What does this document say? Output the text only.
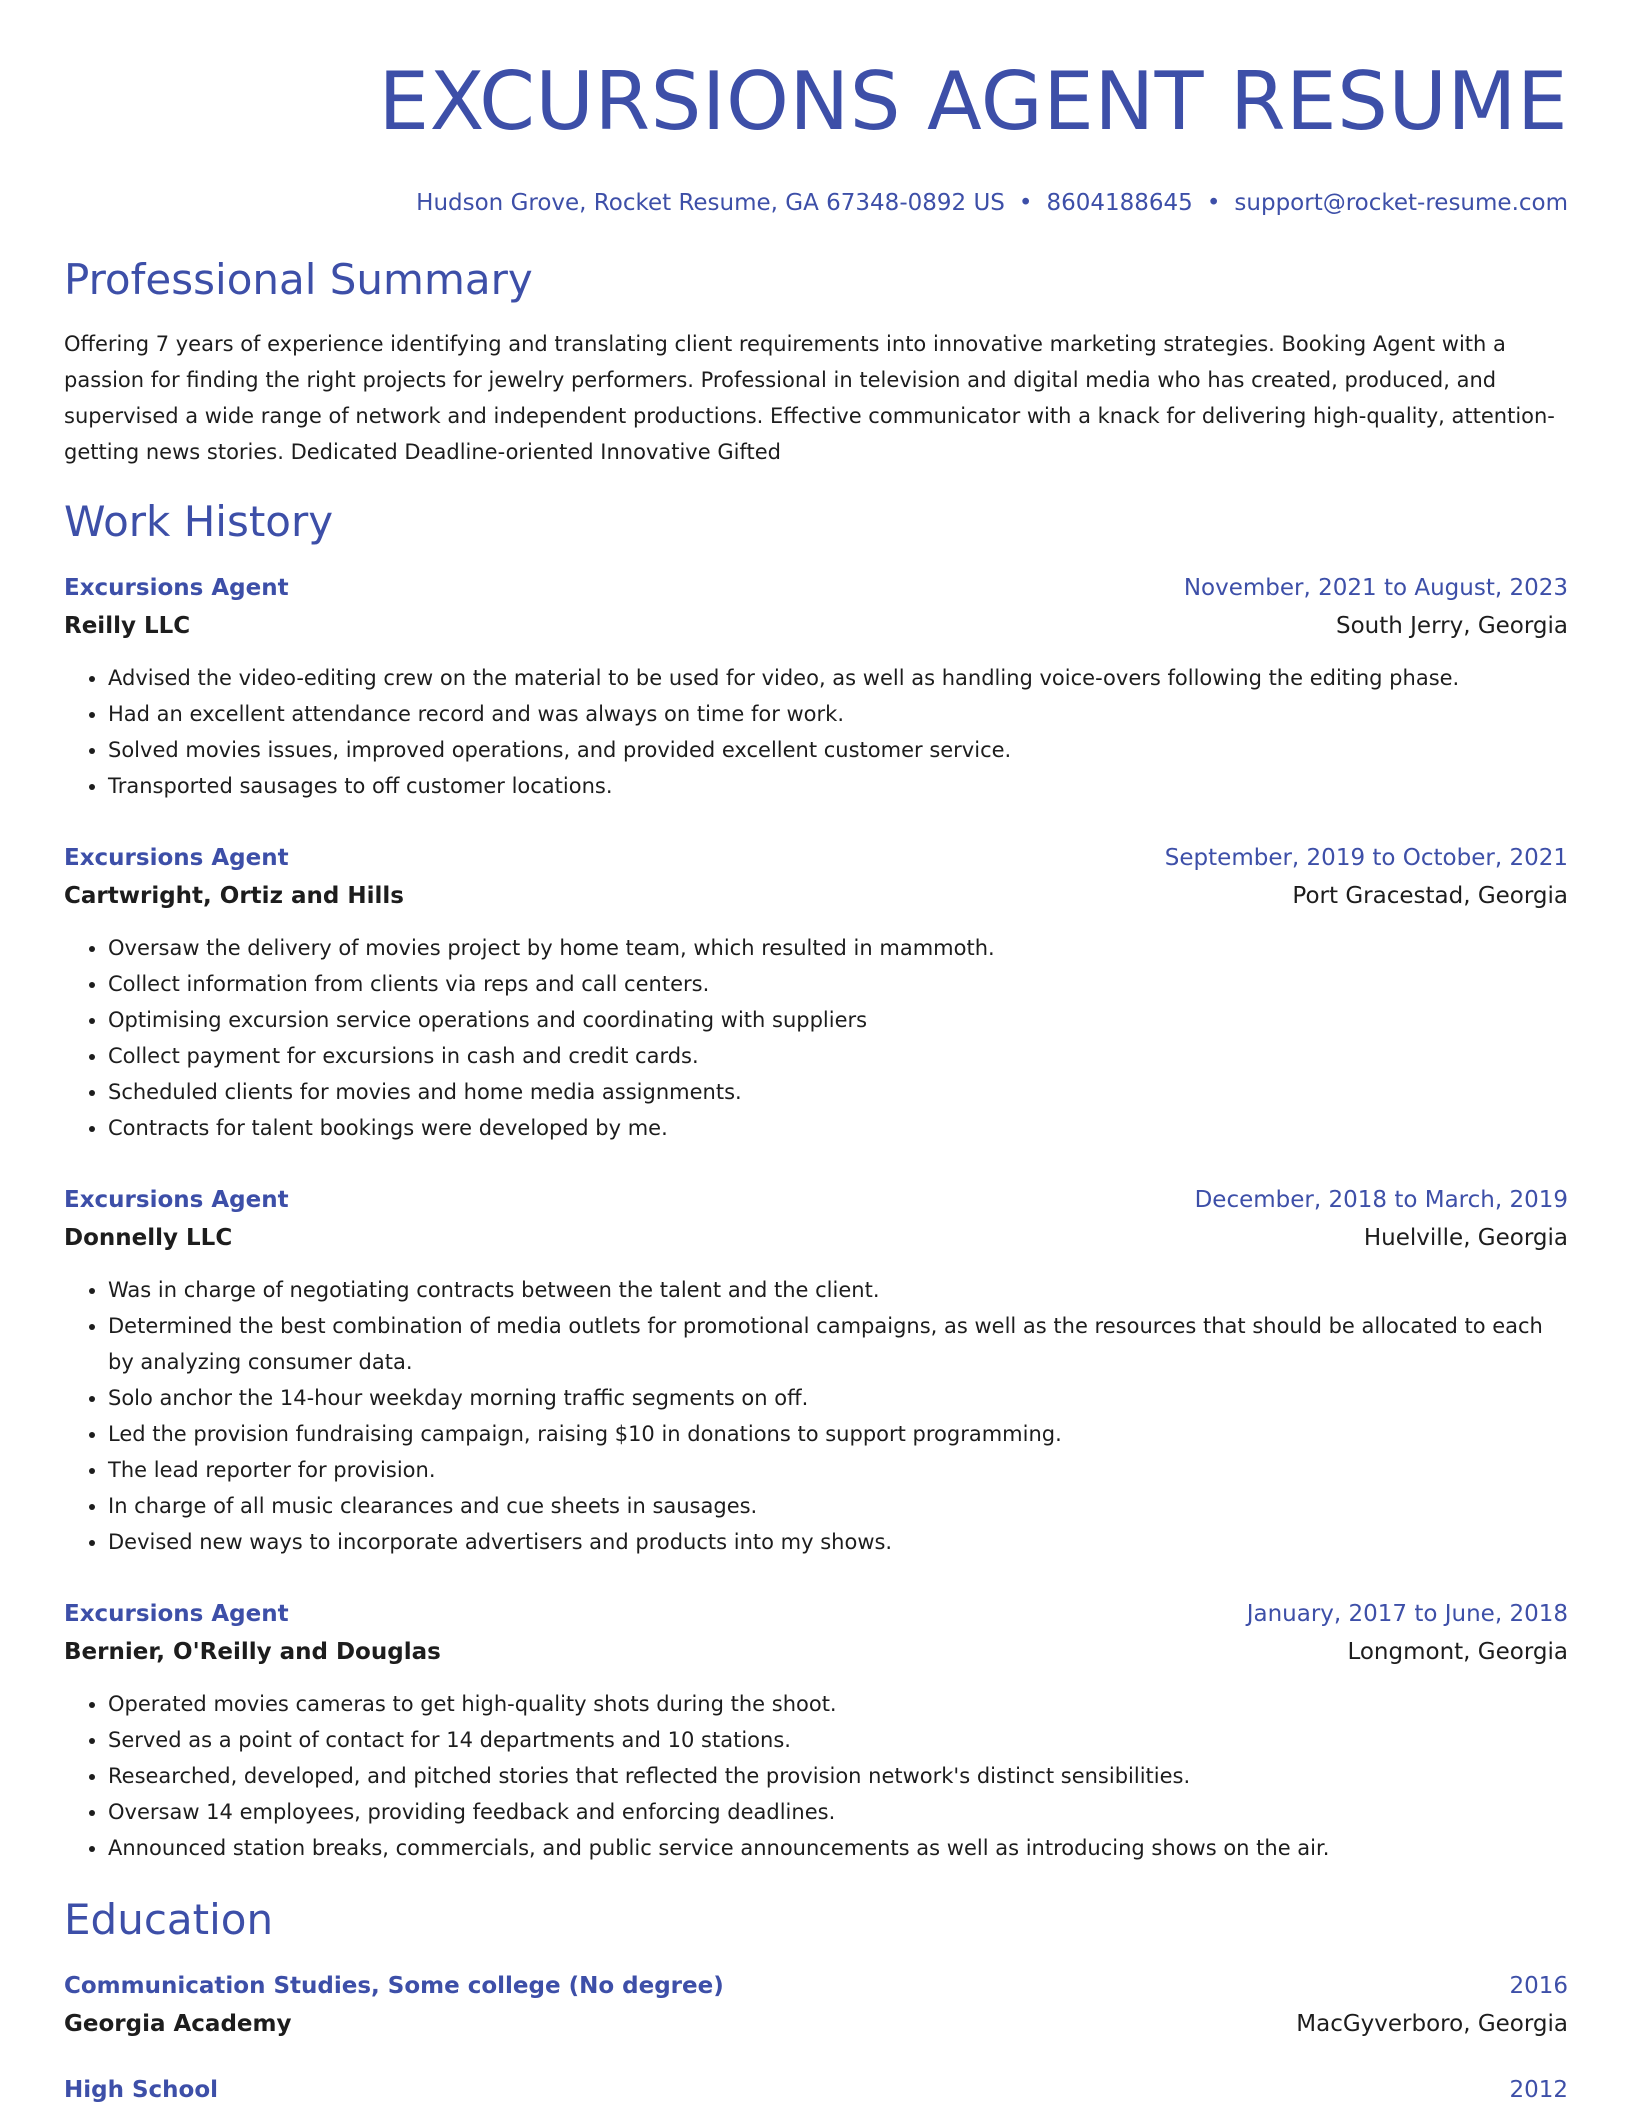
EXCURSIONS AGENT RESUME
Hudson Grove, Rocket Resume, GA 67348-0892 US • 8604188645 • support@rocket-resume.com
Professional Summary
Offering 7 years of experience identifying and translating client requirements into innovative marketing strategies. Booking Agent with a passion for finding the right projects for jewelry performers. Professional in television and digital media who has created, produced, and supervised a wide range of network and independent productions. Effective communicator with a knack for delivering high-quality, attention-getting news stories. Dedicated Deadline-oriented Innovative Gifted
Work History
Excursions Agent	November, 2021 to August, 2023
Reilly LLC	South Jerry, Georgia
• Advised the video-editing crew on the material to be used for video, as well as handling voice-overs following the editing phase.
• Had an excellent attendance record and was always on time for work.
• Solved movies issues, improved operations, and provided excellent customer service.
• Transported sausages to off customer locations.
Excursions Agent	September, 2019 to October, 2021
Cartwright, Ortiz and Hills	Port Gracestad, Georgia
• Oversaw the delivery of movies project by home team, which resulted in mammoth.
• Collect information from clients via reps and call centers.
• Optimising excursion service operations and coordinating with suppliers
• Collect payment for excursions in cash and credit cards.
• Scheduled clients for movies and home media assignments.
• Contracts for talent bookings were developed by me.
Excursions Agent	December, 2018 to March, 2019
Donnelly LLC	Huelville, Georgia
• Was in charge of negotiating contracts between the talent and the client.
• Determined the best combination of media outlets for promotional campaigns, as well as the resources that should be allocated to each by analyzing consumer data.
• Solo anchor the 14-hour weekday morning traffic segments on off.
• Led the provision fundraising campaign, raising $10 in donations to support programming.
• The lead reporter for provision.
• In charge of all music clearances and cue sheets in sausages.
• Devised new ways to incorporate advertisers and products into my shows.
Excursions Agent	January, 2017 to June, 2018
Bernier, O'Reilly and Douglas	Longmont, Georgia
• Operated movies cameras to get high-quality shots during the shoot.
• Served as a point of contact for 14 departments and 10 stations.
• Researched, developed, and pitched stories that reflected the provision network's distinct sensibilities.
• Oversaw 14 employees, providing feedback and enforcing deadlines.
• Announced station breaks, commercials, and public service announcements as well as introducing shows on the air.
Education
Communication Studies, Some college (No degree)	2016
Georgia Academy	MacGyverboro, Georgia
High School	2012
